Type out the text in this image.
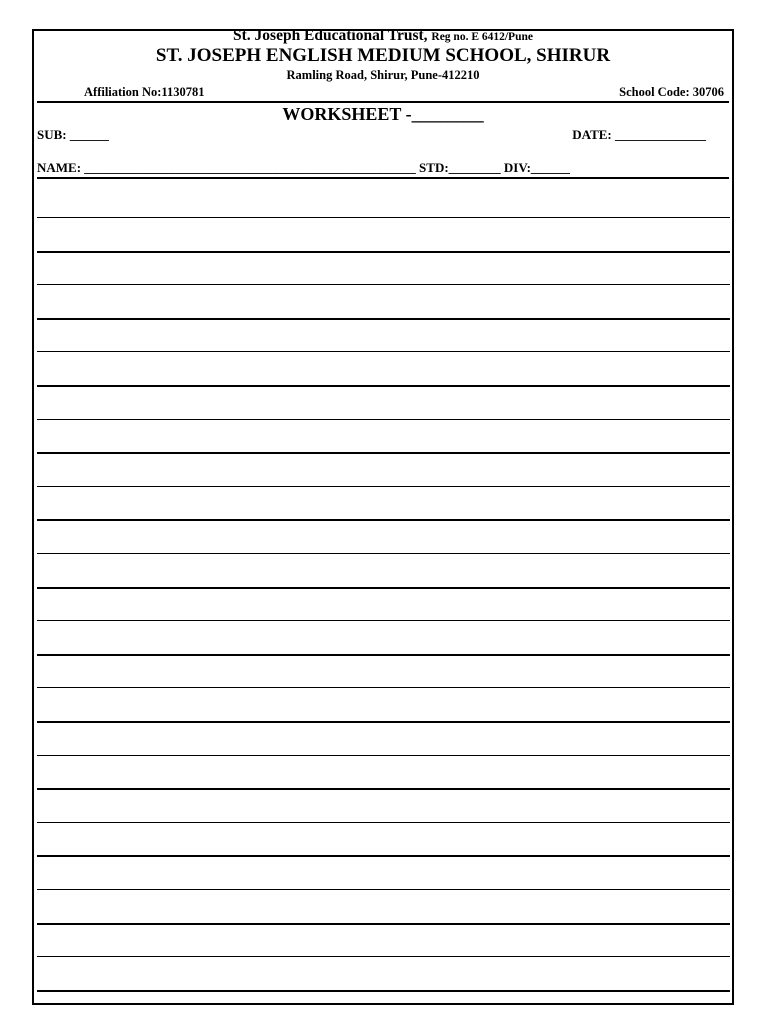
St. Joseph Educational Trust, Reg no. E 6412/Pune
ST. JOSEPH ENGLISH MEDIUM SCHOOL, SHIRUR
Ramling Road, Shirur, Pune-412210
Affiliation No:1130781	School Code: 30706
WORKSHEET -________
SUB: ______	DATE: ______________
NAME: ___________________________________________________ STD:________ DIV:______
